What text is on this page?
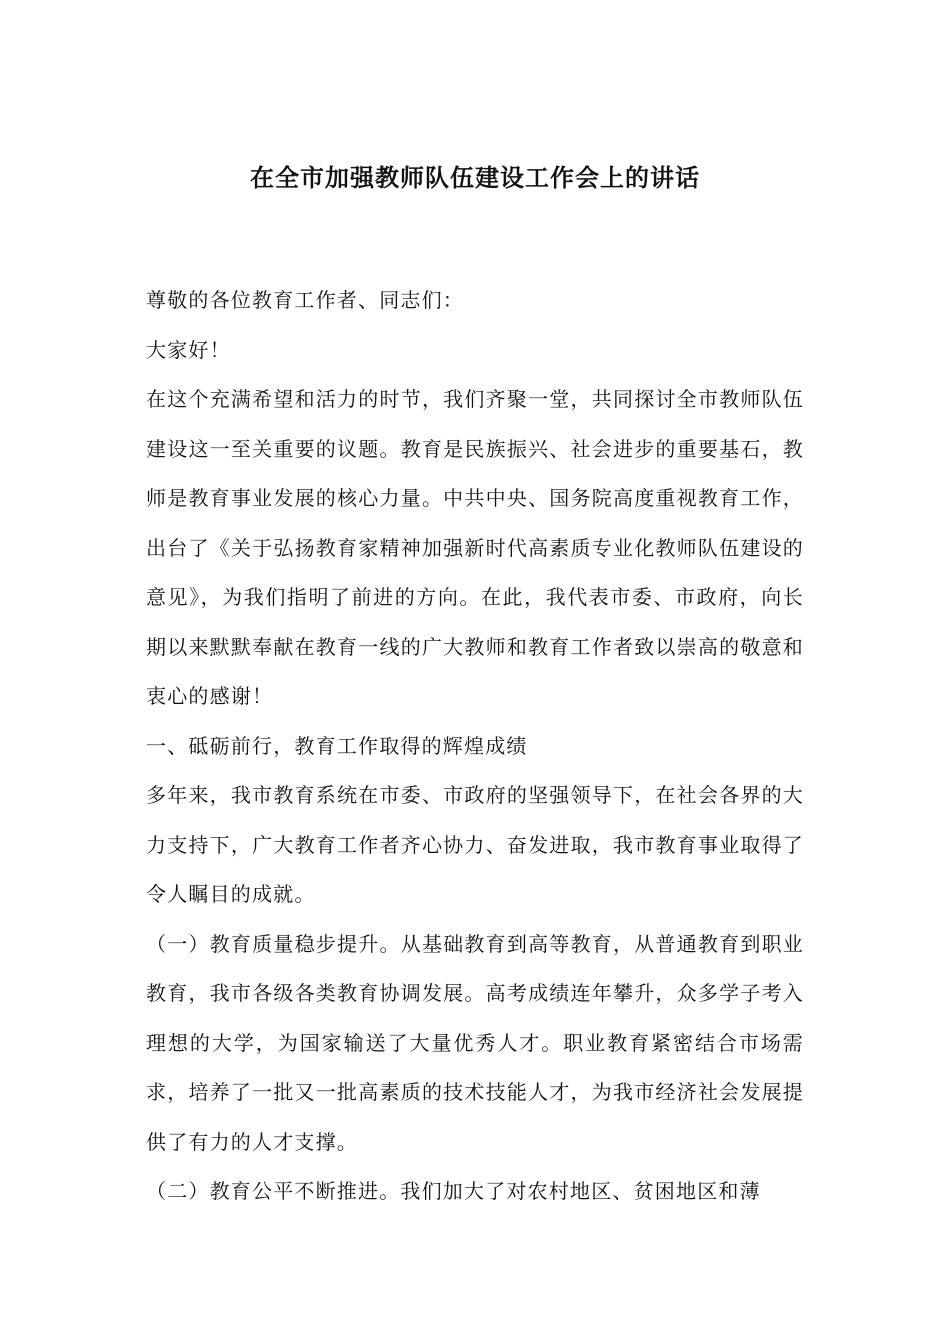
在全市加强教师队伍建设工作会上的讲话

尊敬的各位教育工作者、同志们：

大家好！

在这个充满希望和活力的时节，我们齐聚一堂，共同探讨全市教师队伍建设这一至关重要的议题。教育是民族振兴、社会进步的重要基石，教师是教育事业发展的核心力量。中共中央、国务院高度重视教育工作，出台了《关于弘扬教育家精神加强新时代高素质专业化教师队伍建设的意见》，为我们指明了前进的方向。在此，我代表市委、市政府，向长期以来默默奉献在教育一线的广大教师和教育工作者致以崇高的敬意和衷心的感谢！

一、砥砺前行，教育工作取得的辉煌成绩

多年来，我市教育系统在市委、市政府的坚强领导下，在社会各界的大力支持下，广大教育工作者齐心协力、奋发进取，我市教育事业取得了令人瞩目的成就。

（一）教育质量稳步提升。从基础教育到高等教育，从普通教育到职业教育，我市各级各类教育协调发展。高考成绩连年攀升，众多学子考入理想的大学，为国家输送了大量优秀人才。职业教育紧密结合市场需求，培养了一批又一批高素质的技术技能人才，为我市经济社会发展提供了有力的人才支撑。

（二）教育公平不断推进。我们加大了对农村地区、贫困地区和薄
